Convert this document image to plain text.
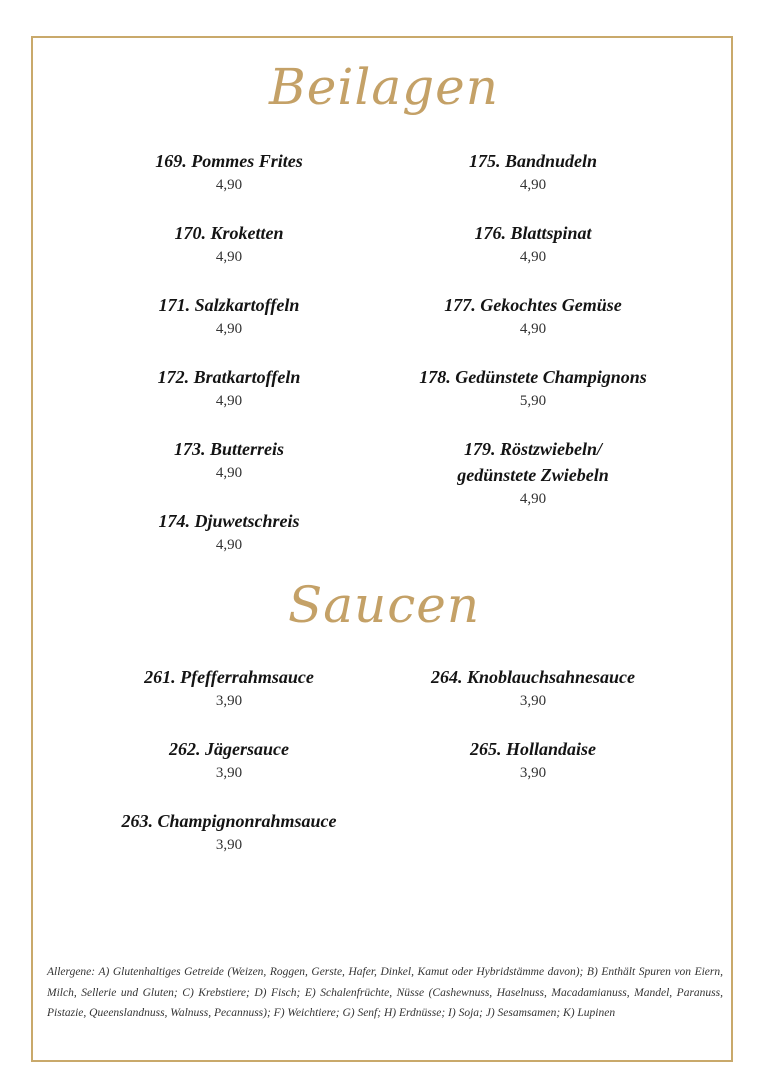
Beilagen
169. Pommes Frites
4,90
170. Kroketten
4,90
171. Salzkartoffeln
4,90
172. Bratkartoffeln
4,90
173. Butterreis
4,90
174. Djuwetschreis
4,90
175. Bandnudeln
4,90
176. Blattspinat
4,90
177. Gekochtes Gemüse
4,90
178. Gedünstete Champignons
5,90
179. Röstzwiebeln/
gedünstete Zwiebeln
4,90
Saucen
261. Pfefferrahmsauce
3,90
262. Jägersauce
3,90
263. Champignonrahmsauce
3,90
264. Knoblauchsahnesauce
3,90
265. Hollandaise
3,90
Allergene: A) Glutenhaltiges Getreide (Weizen, Roggen, Gerste, Hafer, Dinkel, Kamut oder Hybridstämme davon); B) Enthält Spuren von Eiern, Milch, Sellerie und Gluten; C) Krebstiere; D) Fisch; E) Schalenfrüchte, Nüsse (Cashewnuss, Haselnuss, Macadamianuss, Mandel, Paranuss, Pistazie, Queenslandnuss, Walnuss, Pecannuss); F) Weichtiere; G) Senf; H) Erdnüsse; I) Soja; J) Sesamsamen; K) Lupinen
